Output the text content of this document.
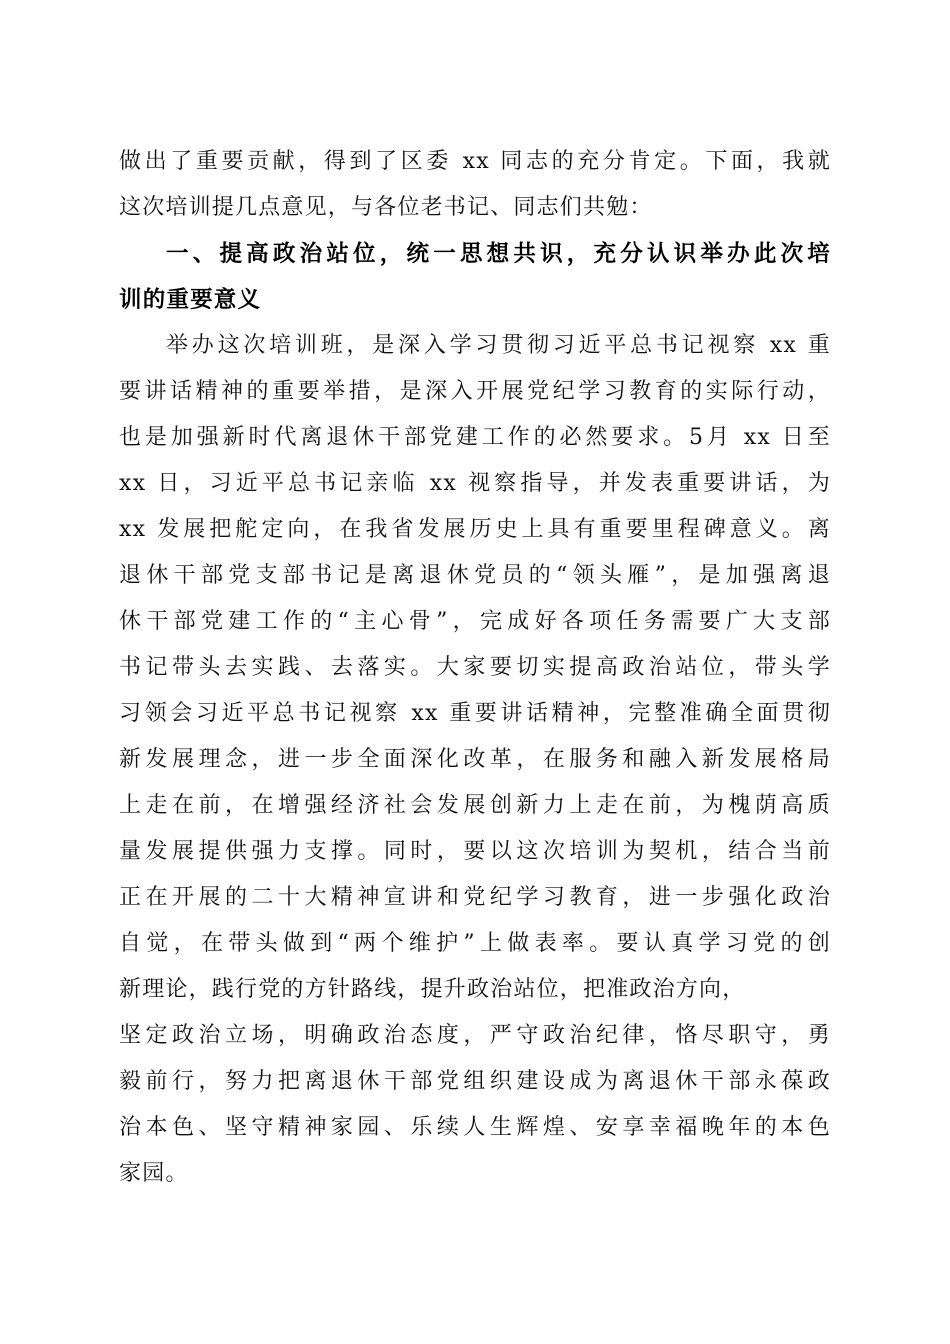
做出了重要贡献，得到了区委 xx 同志的充分肯定。下面，我就
这次培训提几点意见，与各位老书记、同志们共勉：
一、提高政治站位，统一思想共识，充分认识举办此次培
训的重要意义
举办这次培训班，是深入学习贯彻习近平总书记视察 xx 重
要讲话精神的重要举措，是深入开展党纪学习教育的实际行动，
也是加强新时代离退休干部党建工作的必然要求。5月 xx 日至
xx 日，习近平总书记亲临 xx 视察指导，并发表重要讲话，为
xx 发展把舵定向，在我省发展历史上具有重要里程碑意义。离
退休干部党支部书记是离退休党员的“领头雁”，是加强离退
休干部党建工作的“主心骨”，完成好各项任务需要广大支部
书记带头去实践、去落实。大家要切实提高政治站位，带头学
习领会习近平总书记视察 xx 重要讲话精神，完整准确全面贯彻
新发展理念，进一步全面深化改革，在服务和融入新发展格局
上走在前，在增强经济社会发展创新力上走在前，为槐荫高质
量发展提供强力支撑。同时，要以这次培训为契机，结合当前
正在开展的二十大精神宣讲和党纪学习教育，进一步强化政治
自觉，在带头做到“两个维护”上做表率。要认真学习党的创
新理论，践行党的方针路线，提升政治站位，把准政治方向，
坚定政治立场，明确政治态度，严守政治纪律，恪尽职守，勇
毅前行，努力把离退休干部党组织建设成为离退休干部永葆政
治本色、坚守精神家园、乐续人生辉煌、安享幸福晚年的本色
家园。
